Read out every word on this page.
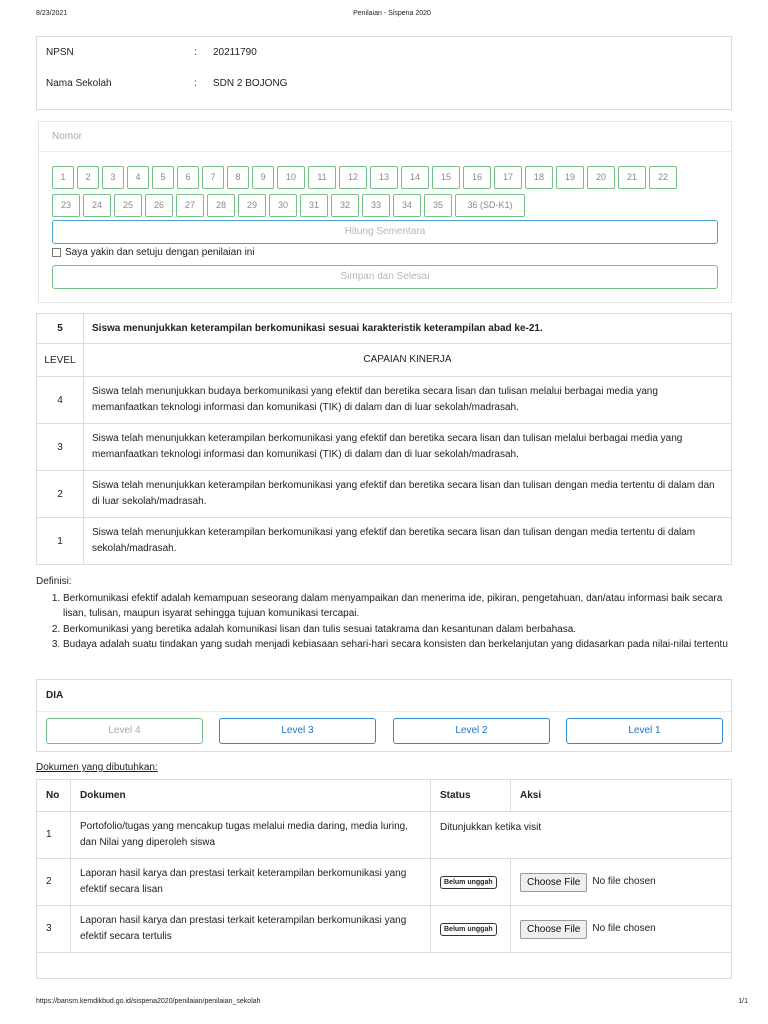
8/23/2021	Penilaian - Sispena 2020
NPSN	: 20211790
Nama Sekolah	: SDN 2 BOJONG
Nomor
1	2	3	4	5	6	7	8	9	10	11	12	13	14	15	16	17	18	19	20	21	22
23	24	25	26	27	28	29	30	31	32	33	34	35	36 (SD-K1)
Hitung Sementara
Saya yakin dan setuju dengan penilaian ini
Simpan dan Selesai
5	Siswa menunjukkan keterampilan berkomunikasi sesuai karakteristik keterampilan abad ke-21.
LEVEL	CAPAIAN KINERJA
4	Siswa telah menunjukkan budaya berkomunikasi yang efektif dan beretika secara lisan dan tulisan melalui berbagai media yang memanfaatkan teknologi informasi dan komunikasi (TIK) di dalam dan di luar sekolah/madrasah.
3	Siswa telah menunjukkan keterampilan berkomunikasi yang efektif dan beretika secara lisan dan tulisan melalui berbagai media yang memanfaatkan teknologi informasi dan komunikasi (TIK) di dalam dan di luar sekolah/madrasah.
2	Siswa telah menunjukkan keterampilan berkomunikasi yang efektif dan beretika secara lisan dan tulisan dengan media tertentu di dalam dan di luar sekolah/madrasah.
1	Siswa telah menunjukkan keterampilan berkomunikasi yang efektif dan beretika secara lisan dan tulisan dengan media tertentu di dalam sekolah/madrasah.
Definisi:
1. Berkomunikasi efektif adalah kemampuan seseorang dalam menyampaikan dan menerima ide, pikiran, pengetahuan, dan/atau informasi baik secara lisan, tulisan, maupun isyarat sehingga tujuan komunikasi tercapai.
2. Berkomunikasi yang beretika adalah komunikasi lisan dan tulis sesuai tatakrama dan kesantunan dalam berbahasa.
3. Budaya adalah suatu tindakan yang sudah menjadi kebiasaan sehari-hari secara konsisten dan berkelanjutan yang didasarkan pada nilai-nilai tertentu
DIA
Level 4	Level 3	Level 2	Level 1
Dokumen yang dibutuhkan:
No	Dokumen	Status	Aksi
1	Portofolio/tugas yang mencakup tugas melalui media daring, media luring, dan Nilai yang diperoleh siswa	Ditunjukkan ketika visit	
2	Laporan hasil karya dan prestasi terkait keterampilan berkomunikasi yang efektif secara lisan	Belum unggah	Choose File No file chosen

3	Laporan hasil karya dan prestasi terkait keterampilan berkomunikasi yang efektif secara tertulis	Belum unggah	Choose File No file chosen

https://bansm.kemdikbud.go.id/sispena2020/penilaian/penilaian_sekolah	1/1
